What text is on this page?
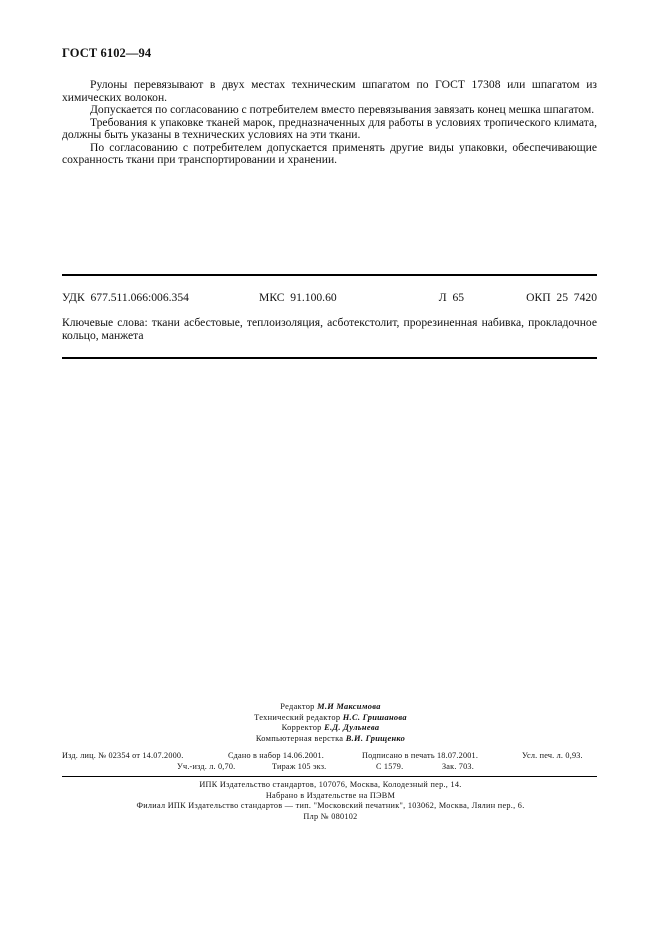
ГОСТ 6102—94

Рулоны перевязывают в двух местах техническим шпагатом по ГОСТ 17308 или шпагатом из химических волокон.

Допускается по согласованию с потребителем вместо перевязывания завязать конец мешка шпагатом.

Требования к упаковке тканей марок, предназначенных для работы в условиях тропического климата, должны быть указаны в технических условиях на эти ткани.

По согласованию с потребителем допускается применять другие виды упаковки, обеспечивающие сохранность ткани при транспортировании и хранении.

УДК  677.511.066:006.354	МКС  91.100.60	Л  65	ОКП  25  7420
Ключевые слова: ткани асбестовые, теплоизоляция, асботекстолит, прорезиненная набивка, прокладочное кольцо, манжета
Редактор М.И Максимова
Технический редактор Н.С. Гришанова
Корректор Е.Д. Дульнева
Компьютерная верстка В.И. Грищенко
Изд. лиц. № 02354 от 14.07.2000.	Сдано в набор 14.06.2001.	Подписано в печать 18.07.2001.	Усл. печ. л. 0,93.
Уч.-изд. л. 0,70.	Тираж 105 экз.	С 1579.	Зак. 703.
ИПК Издательство стандартов, 107076, Москва, Колодезный пер., 14.
Набрано в Издательстве на ПЭВМ
Филиал ИПК Издательство стандартов — тип. "Московский печатник", 103062, Москва, Лялин пер., 6.
Плр № 080102
